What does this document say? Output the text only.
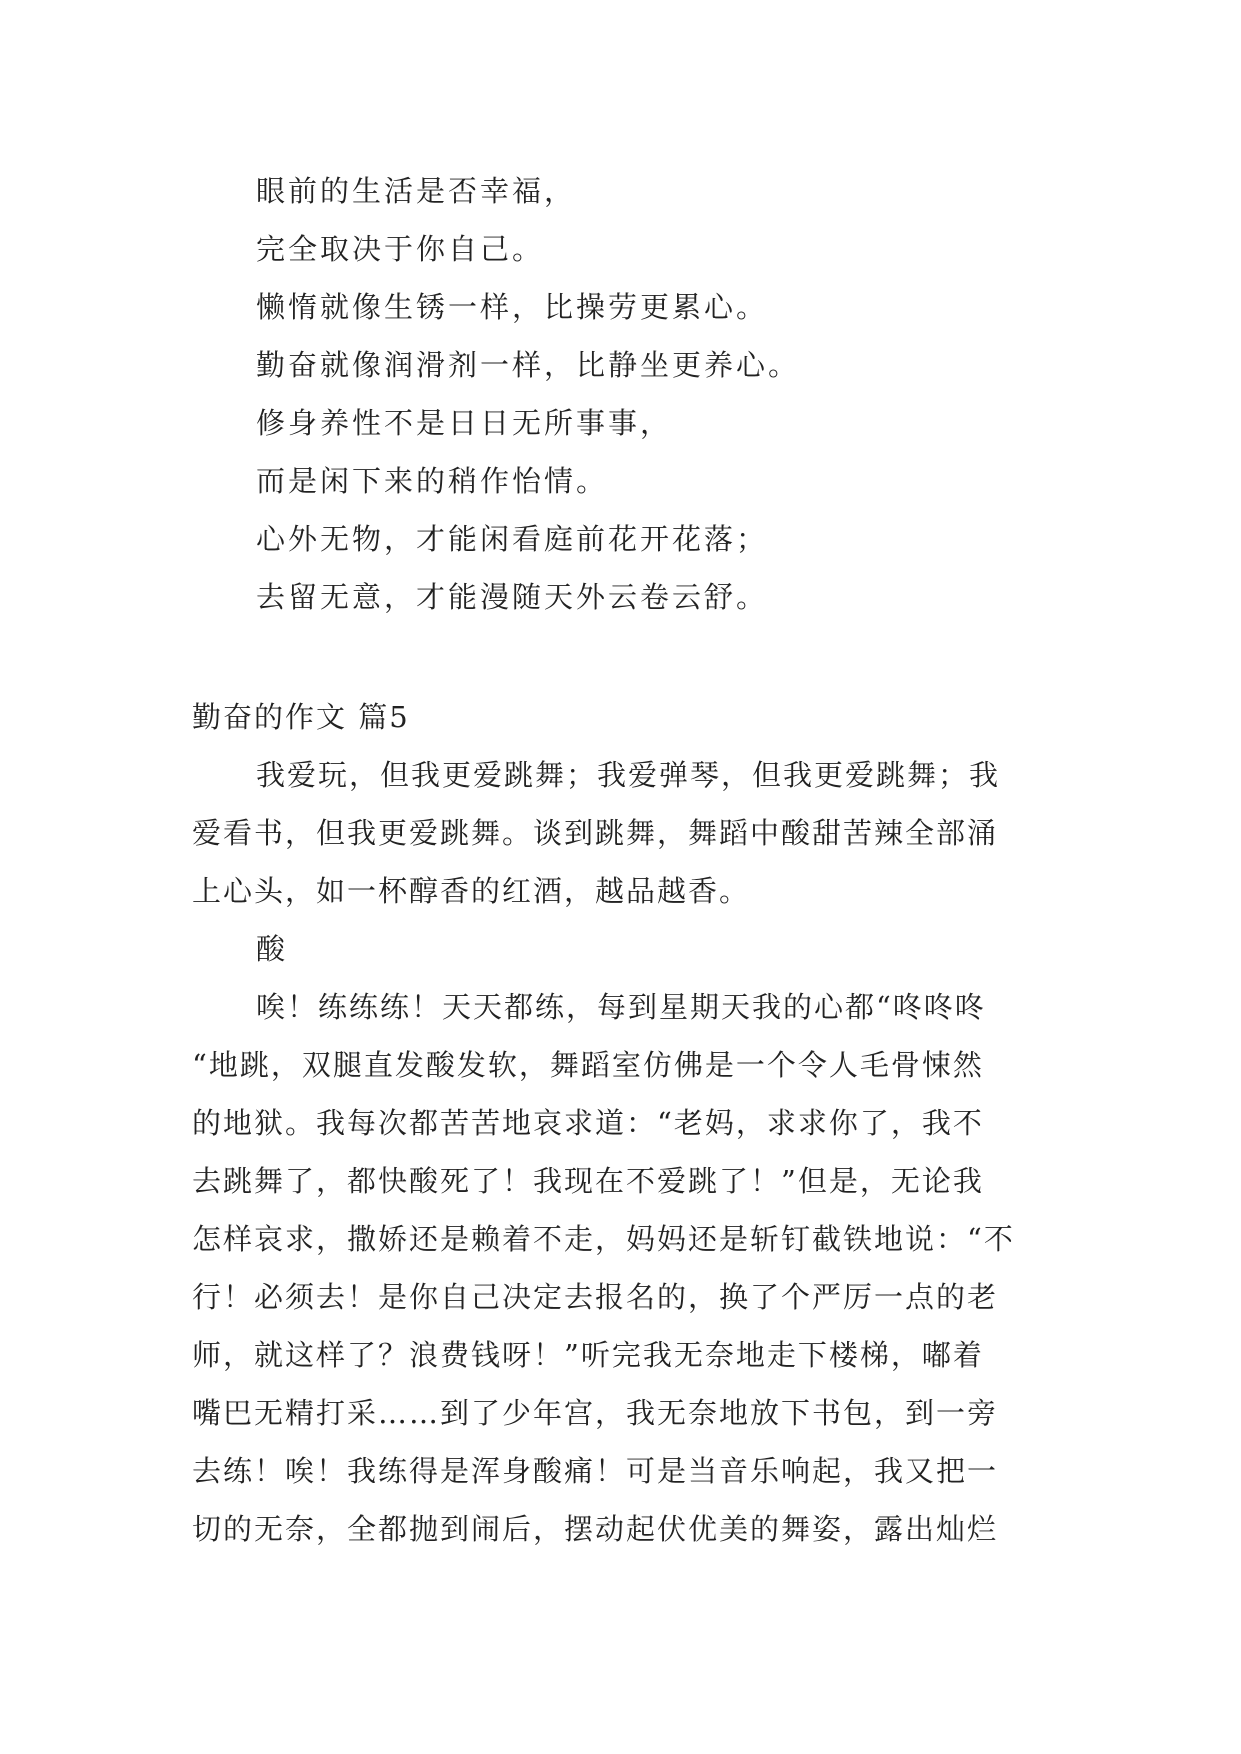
眼前的生活是否幸福，
完全取决于你自己。
懒惰就像生锈一样，比操劳更累心。
勤奋就像润滑剂一样，比静坐更养心。
修身养性不是日日无所事事，
而是闲下来的稍作怡情。
心外无物，才能闲看庭前花开花落；
去留无意，才能漫随天外云卷云舒。
勤奋的作文 篇5
我爱玩，但我更爱跳舞；我爱弹琴，但我更爱跳舞；我
爱看书，但我更爱跳舞。谈到跳舞，舞蹈中酸甜苦辣全部涌
上心头，如一杯醇香的红酒，越品越香。
酸
唉！练练练！天天都练，每到星期天我的心都“咚咚咚
“地跳，双腿直发酸发软，舞蹈室仿佛是一个令人毛骨悚然
的地狱。我每次都苦苦地哀求道：“老妈，求求你了，我不
去跳舞了，都快酸死了！我现在不爱跳了！”但是，无论我
怎样哀求，撒娇还是赖着不走，妈妈还是斩钉截铁地说：“不
行！必须去！是你自己决定去报名的，换了个严厉一点的老
师，就这样了？浪费钱呀！”听完我无奈地走下楼梯，嘟着
嘴巴无精打采……到了少年宫，我无奈地放下书包，到一旁
去练！唉！我练得是浑身酸痛！可是当音乐响起，我又把一
切的无奈，全都抛到闹后，摆动起伏优美的舞姿，露出灿烂
